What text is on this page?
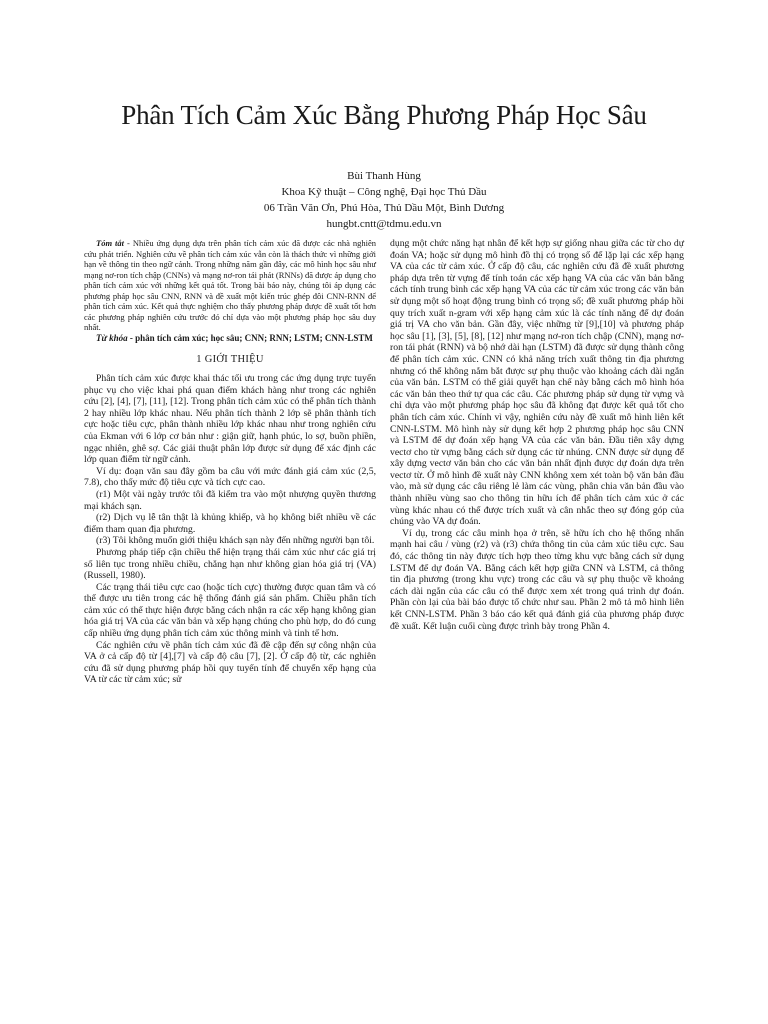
Phân Tích Cảm Xúc Bằng Phương Pháp Học Sâu
Bùi Thanh Hùng
Khoa Kỹ thuật – Công nghệ, Đại học Thủ Dầu
06 Trần Văn Ơn, Phú Hòa, Thủ Dầu Một, Bình Dương
hungbt.cntt@tdmu.edu.vn

Tóm tắt - Nhiều ứng dụng dựa trên phân tích cảm xúc đã được các nhà nghiên cứu phát triển. Nghiên cứu về phân tích cảm xúc vẫn còn là thách thức vì những giới hạn về thông tin theo ngữ cảnh. Trong những năm gần đây, các mô hình học sâu như mạng nơ-ron tích chập (CNNs) và mạng nơ-ron tái phát (RNNs) đã được áp dụng cho phân tích cảm xúc với những kết quả tốt. Trong bài báo này, chúng tôi áp dụng các phương pháp học sâu CNN, RNN và đề xuất một kiến trúc ghép đôi CNN-RNN để phân tích cảm xúc. Kết quả thực nghiệm cho thấy phương pháp được đề xuất tốt hơn các phương pháp nghiên cứu trước đó chỉ dựa vào một phương pháp học sâu duy nhất.

Từ khóa - phân tích cảm xúc; học sâu; CNN; RNN; LSTM; CNN-LSTM

1 GIỚI THIỆU

Phân tích cảm xúc được khai thác tối ưu trong các ứng dụng trực tuyến phục vụ cho việc khai phá quan điểm khách hàng như trong các nghiên cứu [2], [4], [7], [11], [12]. Trong phân tích cảm xúc có thể phân tích thành 2 hay nhiều lớp khác nhau. Nếu phân tích thành 2 lớp sẽ phân thành tích cực hoặc tiêu cực, phân thành nhiều lớp khác nhau như trong nghiên cứu của Ekman với 6 lớp cơ bản như : giận giữ, hạnh phúc, lo sợ, buồn phiền, ngạc nhiên, ghê sợ. Các giải thuật phân lớp được sử dụng để xác định các lớp quan điểm từ ngữ cảnh.

Ví dụ: đoạn văn sau đây gồm ba câu với mức đánh giá cảm xúc (2,5, 7.8), cho thấy mức độ tiêu cực và tích cực cao.

(r1) Một vài ngày trước tôi đã kiểm tra vào một nhượng quyền thương mại khách sạn.

(r2) Dịch vụ lễ tân thật là khủng khiếp, và họ không biết nhiều về các điểm tham quan địa phương.

(r3) Tôi không muốn giới thiệu khách sạn này đến những người bạn tôi.

Phương pháp tiếp cận chiều thể hiện trạng thái cảm xúc như các giá trị số liên tục trong nhiều chiều, chẳng hạn như không gian hóa giá trị (VA) (Russell, 1980).

Các trạng thái tiêu cực cao (hoặc tích cực) thường được quan tâm và có thể được ưu tiên trong các hệ thống đánh giá sản phẩm. Chiều phân tích cảm xúc có thể thực hiện được bằng cách nhận ra các xếp hạng không gian hóa giá trị VA của các văn bản và xếp hạng chúng cho phù hợp, do đó cung cấp nhiều ứng dụng phân tích cảm xúc thông minh và tinh tế hơn.

Các nghiên cứu về phân tích cảm xúc đã đề cập đến sự công nhận của VA ở cả cấp độ từ [4],[7] và cấp độ câu [7], [2]. Ở cấp độ từ, các nghiên cứu đã sử dụng phương pháp hồi quy tuyến tính để chuyển xếp hạng của VA từ các từ cảm xúc; sử

dụng một chức năng hạt nhân để kết hợp sự giống nhau giữa các từ cho dự đoán VA; hoặc sử dụng mô hình đồ thị có trọng số để lặp lại các xếp hạng VA của các từ cảm xúc. Ở cấp độ câu, các nghiên cứu đã đề xuất phương pháp dựa trên từ vựng để tính toán các xếp hạng VA của các văn bản bằng cách tính trung bình các xếp hạng VA của các từ cảm xúc trong các văn bản sử dụng một số hoạt động trung bình có trọng số; đề xuất phương pháp hồi quy trích xuất n-gram với xếp hạng cảm xúc là các tính năng để dự đoán giá trị VA cho văn bản. Gần đây, việc những từ [9],[10] và phương pháp học sâu [1], [3], [5], [8], [12] như mạng nơ-ron tích chập (CNN), mạng nơ-ron tái phát (RNN) và bộ nhớ dài hạn (LSTM) đã được sử dụng thành công để phân tích cảm xúc. CNN có khả năng trích xuất thông tin địa phương nhưng có thể không nắm bắt được sự phụ thuộc vào khoảng cách dài ngắn của văn bản. LSTM có thể giải quyết hạn chế này bằng cách mô hình hóa các văn bản theo thứ tự qua các câu. Các phương pháp sử dụng từ vựng và chỉ dựa vào một phương pháp học sâu đã không đạt được kết quả tốt cho phân tích cảm xúc. Chính vì vậy, nghiên cứu này đề xuất mô hình liên kết CNN-LSTM. Mô hình này sử dụng kết hợp 2 phương pháp học sâu CNN và LSTM để dự đoán xếp hạng VA của các văn bản. Đầu tiên xây dựng vectơ cho từ vựng bằng cách sử dụng các từ nhúng. CNN được sử dụng để xây dựng vectơ văn bản cho các văn bản nhất định được dự đoán dựa trên vectơ từ. Ở mô hình đề xuất này CNN không xem xét toàn bộ văn bản đầu vào, mà sử dụng các câu riêng lẻ làm các vùng, phân chia văn bản đầu vào thành nhiều vùng sao cho thông tin hữu ích để phân tích cảm xúc ở các vùng khác nhau có thể được trích xuất và cân nhắc theo sự đóng góp của chúng vào VA dự đoán.

Ví dụ, trong các câu minh họa ở trên, sẽ hữu ích cho hệ thống nhấn mạnh hai câu / vùng (r2) và (r3) chứa thông tin của cảm xúc tiêu cực. Sau đó, các thông tin này được tích hợp theo từng khu vực bằng cách sử dụng LSTM để dự đoán VA. Bằng cách kết hợp giữa CNN và LSTM, cả thông tin địa phương (trong khu vực) trong các câu và sự phụ thuộc về khoảng cách dài ngắn của các câu có thể được xem xét trong quá trình dự đoán. Phần còn lại của bài báo được tổ chức như sau. Phần 2 mô tả mô hình liên kết CNN-LSTM. Phần 3 báo cáo kết quả đánh giá của phương pháp được đề xuất. Kết luận cuối cùng được trình bày trong Phần 4.
